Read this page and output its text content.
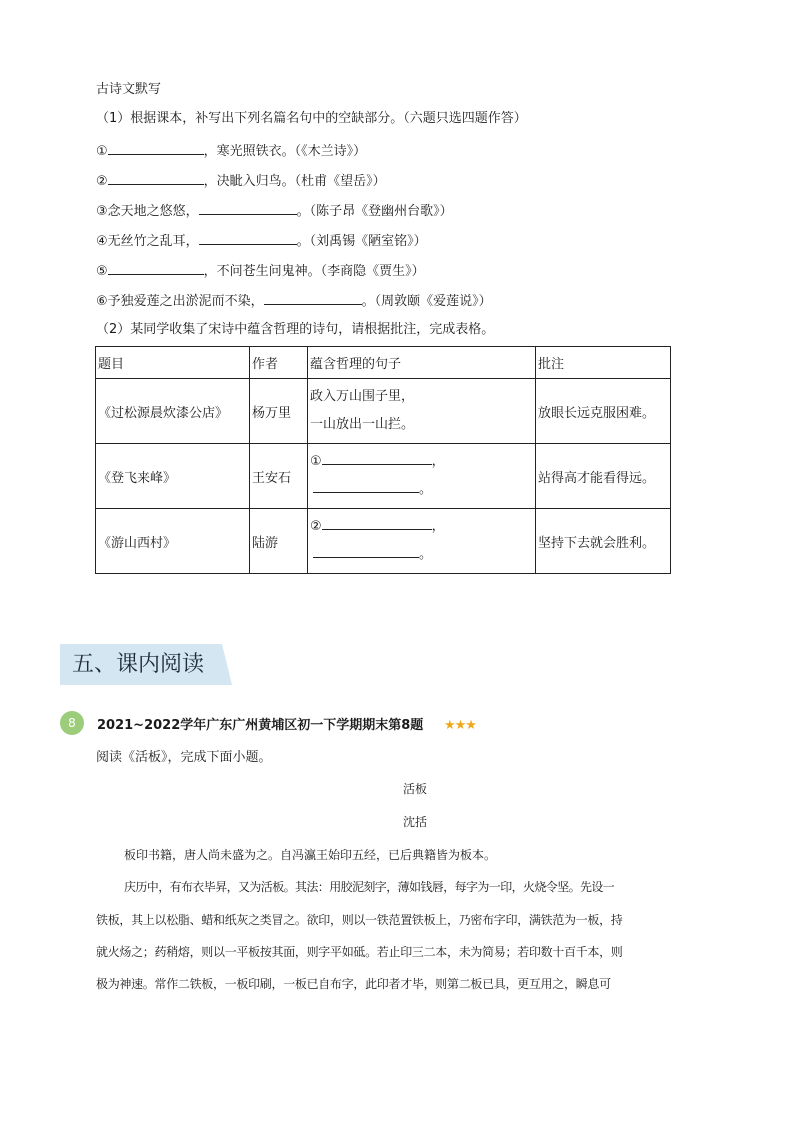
古诗文默写
（1）根据课本，补写出下列名篇名句中的空缺部分。（六题只选四题作答）
①	，寒光照铁衣。（《木兰诗》）
②	，决眦入归鸟。（杜甫《望岳》）
③念天地之悠悠，	。（陈子昂《登幽州台歌》）
④无丝竹之乱耳，	。（刘禹锡《陋室铭》）
⑤	，不问苍生问鬼神。（李商隐《贾生》）
⑥予独爱莲之出淤泥而不染，	。（周敦颐《爱莲说》）
（2）某同学收集了宋诗中蕴含哲理的诗句，请根据批注，完成表格。
题目	作者	蕴含哲理的句子	批注
《过松源晨炊漆公店》	杨万里	政入万山围子里，
一山放出一山拦。	放眼长远克服困难。
《登飞来峰》	王安石	① ，
。	站得高才能看得远。
《游山西村》	陆游	② ，
。	坚持下去就会胜利。
五、课内阅读
8	2021~2022学年广东广州黄埔区初一下学期期末第8题 ★★★
阅读《活板》，完成下面小题。
活板
沈括
板印书籍，唐人尚未盛为之。自冯瀛王始印五经，已后典籍皆为板本。
庆历中，有布衣毕昇，又为活板。其法：用胶泥刻字，薄如钱唇，每字为一印，火烧令坚。先设一
铁板，其上以松脂、蜡和纸灰之类冒之。欲印，则以一铁范置铁板上，乃密布字印，满铁范为一板，持
就火炀之；药稍熔，则以一平板按其面，则字平如砥。若止印三二本，未为简易；若印数十百千本，则
极为神速。常作二铁板，一板印刷，一板已自布字，此印者才毕，则第二板已具，更互用之，瞬息可
